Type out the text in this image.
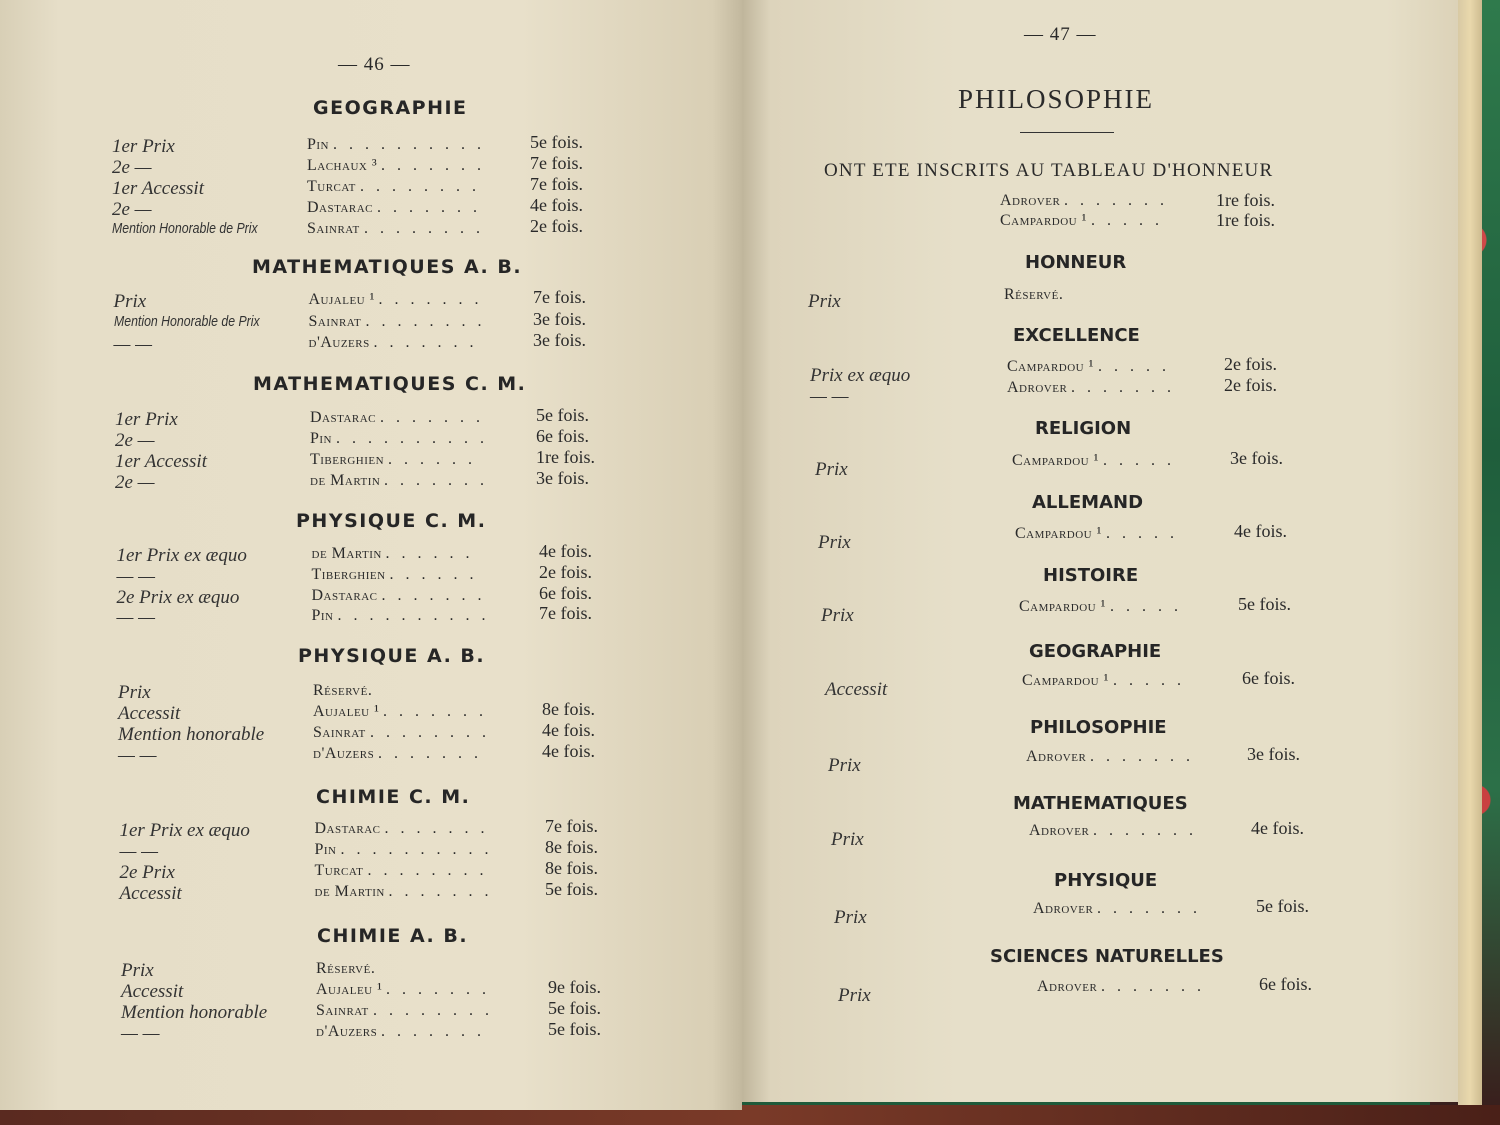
— 46 —
GEOGRAPHIE
1er Prix	Pin . . . . . . . . . .	5e fois.
2e —	Lachaux ³ . . . . . . .	7e fois.
1er Accessit	Turcat . . . . . . . .	7e fois.
2e —	Dastarac . . . . . . .	4e fois.
Mention Honorable de Prix	Sainrat . . . . . . . .	2e fois.
MATHEMATIQUES A. B.
Prix	Aujaleu ¹ . . . . . . .	7e fois.
Mention Honorable de Prix	Sainrat . . . . . . . .	3e fois.
— —	d'Auzers . . . . . . .	3e fois.
MATHEMATIQUES C. M.
1er Prix	Dastarac . . . . . . .	5e fois.
2e —	Pin . . . . . . . . . .	6e fois.
1er Accessit	Tiberghien . . . . . .	1re fois.
2e —	de Martin . . . . . . .	3e fois.
PHYSIQUE C. M.
1er Prix ex æquo	de Martin . . . . . .	4e fois.
— —	Tiberghien . . . . . .	2e fois.
2e Prix ex æquo	Dastarac . . . . . . .	6e fois.
— —	Pin . . . . . . . . . .	7e fois.
PHYSIQUE A. B.
Prix	Réservé.
Accessit	Aujaleu ¹ . . . . . . .	8e fois.
Mention honorable	Sainrat . . . . . . . .	4e fois.
— —	d'Auzers . . . . . . .	4e fois.
CHIMIE C. M.
1er Prix ex æquo	Dastarac . . . . . . .	7e fois.
— —	Pin . . . . . . . . . .	8e fois.
2e Prix	Turcat . . . . . . . .	8e fois.
Accessit	de Martin . . . . . . .	5e fois.
CHIMIE A. B.
Prix	Réservé.
Accessit	Aujaleu ¹ . . . . . . .	9e fois.
Mention honorable	Sainrat . . . . . . . .	5e fois.
— —	d'Auzers . . . . . . .	5e fois.
— 47 —
PHILOSOPHIE
ONT ETE INSCRITS AU TABLEAU D'HONNEUR
Adrover . . . . . . .	1re fois.
Campardou ¹ . . . . .	1re fois.
HONNEUR
Prix	Réservé.
EXCELLENCE
Prix ex æquo	Campardou ¹ . . . . .	2e fois.
— —	Adrover . . . . . . .	2e fois.
RELIGION
Prix	Campardou ¹ . . . . .	3e fois.
ALLEMAND
Prix	Campardou ¹ . . . . .	4e fois.
HISTOIRE
Prix	Campardou ¹ . . . . .	5e fois.
GEOGRAPHIE
Accessit	Campardou ¹ . . . . .	6e fois.
PHILOSOPHIE
Prix	Adrover . . . . . . .	3e fois.
MATHEMATIQUES
Prix	Adrover . . . . . . .	4e fois.
PHYSIQUE
Prix	Adrover . . . . . . .	5e fois.
SCIENCES NATURELLES
Prix	Adrover . . . . . . .	6e fois.
